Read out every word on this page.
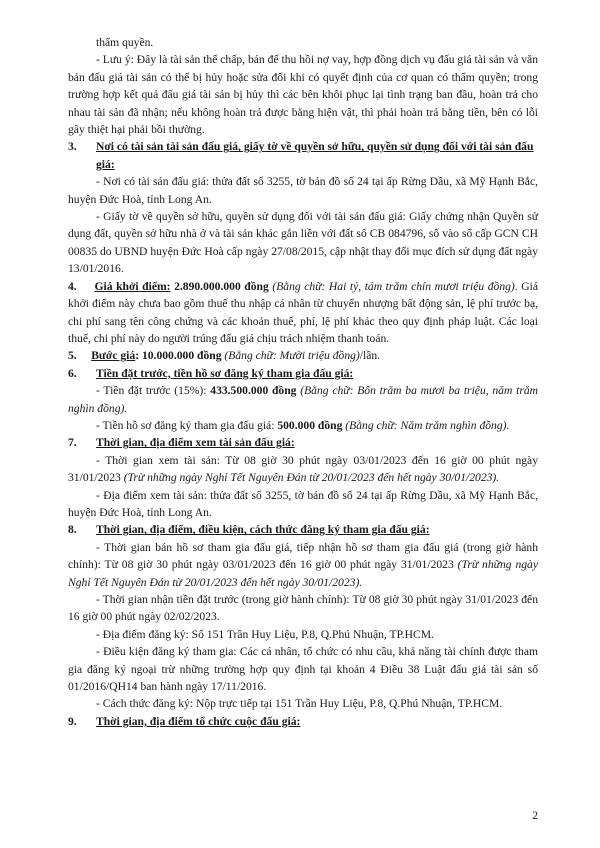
thẩm quyền.

- Lưu ý: Đây là tài sản thế chấp, bán để thu hồi nợ vay, hợp đồng dịch vụ đấu giá tài sản và văn bản đấu giá tài sản có thể bị hủy hoặc sửa đổi khi có quyết định của cơ quan có thẩm quyền; trong trường hợp kết quả đấu giá tài sản bị hủy thì các bên khôi phục lại tình trạng ban đầu, hoàn trả cho nhau tài sản đã nhận; nếu không hoàn trả được bằng hiện vật, thì phải hoàn trả bằng tiền, bên có lỗi gây thiệt hại phải bồi thường.

3.	Nơi có tài sản tài sản đấu giá, giấy tờ về quyền sở hữu, quyền sử dụng đối với tài sản đấu giá:

- Nơi có tài sản đấu giá: thửa đất số 3255, tờ bản đồ số 24 tại ấp Rừng Dầu, xã Mỹ Hạnh Bắc, huyện Đức Hoà, tỉnh Long An.

- Giấy tờ về quyền sở hữu, quyền sử dụng đối với tài sản đấu giá: Giấy chứng nhận Quyền sử dụng đất, quyền sở hữu nhà ở và tài sản khác gắn liền với đất số CB 084796, số vào sổ cấp GCN CH 00835 do UBND huyện Đức Hoà cấp ngày 27/08/2015, cập nhật thay đổi mục đích sử dụng đất ngày 13/01/2016.

4. Giá khởi điểm: 2.890.000.000 đồng (Bằng chữ: Hai tỷ, tám trăm chín mươi triệu đồng). Giá khởi điểm này chưa bao gồm thuế thu nhập cá nhân từ chuyển nhượng bất động sản, lệ phí trước bạ, chi phí sang tên công chứng và các khoản thuế, phí, lệ phí khác theo quy định pháp luật. Các loại thuế, chi phí này do người trúng đấu giá chịu trách nhiệm thanh toán.

5. Bước giá: 10.000.000 đồng (Bằng chữ: Mười triệu đồng)/lần.

6.	Tiền đặt trước, tiền hồ sơ đăng ký tham gia đấu giá:

- Tiền đặt trước (15%): 433.500.000 đồng (Bằng chữ: Bốn trăm ba mươi ba triệu, năm trăm nghìn đồng).

- Tiền hồ sơ đăng ký tham gia đấu giá: 500.000 đồng (Bằng chữ: Năm trăm nghìn đồng).

7.	Thời gian, địa điểm xem tài sản đấu giá:

- Thời gian xem tài sản: Từ 08 giờ 30 phút ngày 03/01/2023 đến 16 giờ 00 phút ngày 31/01/2023 (Trừ những ngày Nghỉ Tết Nguyên Đán từ 20/01/2023 đến hết ngày 30/01/2023).

- Địa điểm xem tài sản: thửa đất số 3255, tờ bản đồ số 24 tại ấp Rừng Dầu, xã Mỹ Hạnh Bắc, huyện Đức Hoà, tỉnh Long An.

8.	Thời gian, địa điểm, điều kiện, cách thức đăng ký tham gia đấu giá:

- Thời gian bán hồ sơ tham gia đấu giá, tiếp nhận hồ sơ tham gia đấu giá (trong giờ hành chính): Từ 08 giờ 30 phút ngày 03/01/2023 đến 16 giờ 00 phút ngày 31/01/2023 (Trừ những ngày Nghỉ Tết Nguyên Đán từ 20/01/2023 đến hết ngày 30/01/2023).

- Thời gian nhận tiền đặt trước (trong giờ hành chính): Từ 08 giờ 30 phút ngày 31/01/2023 đến 16 giờ 00 phút ngày 02/02/2023.

- Địa điểm đăng ký: Số 151 Trần Huy Liệu, P.8, Q.Phú Nhuận, TP.HCM.

- Điều kiện đăng ký tham gia: Các cá nhân, tổ chức có nhu cầu, khả năng tài chính được tham gia đăng ký ngoại trừ những trường hợp quy định tại khoản 4 Điều 38 Luật đấu giá tài sản số 01/2016/QH14 ban hành ngày 17/11/2016.

- Cách thức đăng ký: Nộp trực tiếp tại 151 Trần Huy Liệu, P.8, Q.Phú Nhuận, TP.HCM.

9.	Thời gian, địa điểm tổ chức cuộc đấu giá:
2
